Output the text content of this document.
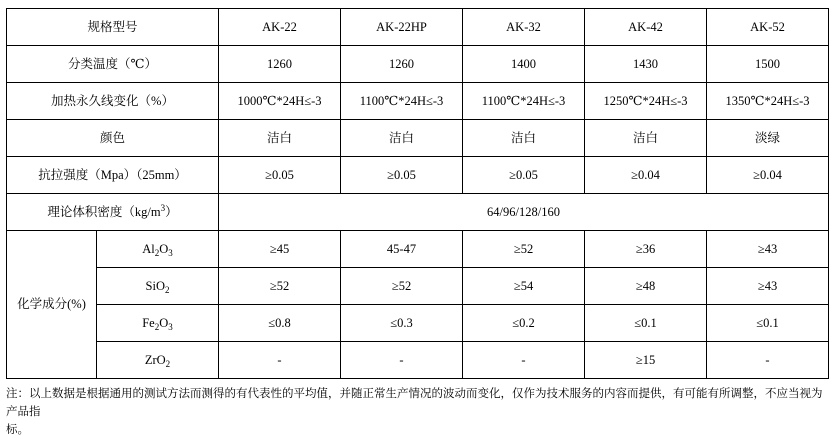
规格型号		AK-22	AK-22HP	AK-32	AK-42	AK-52
分类温度（℃）		1260	1260	1400	1430	1500
加热永久线变化（%）		1000℃*24H≤-3	1100℃*24H≤-3	1100℃*24H≤-3	1250℃*24H≤-3	1350℃*24H≤-3
颜色		洁白	洁白	洁白	洁白	淡绿
抗拉强度（Mpa）（25mm）		≥0.05	≥0.05	≥0.05	≥0.04	≥0.04
理论体积密度$(kg/m^3)$		64/96/128/160				
化学成分(%)	$Al_2O_3$	≥45	45-47	≥52	≥36	≥43
	SiO$_2$	≥52	≥52	≥54	≥48	≥43
	$Fe_2O_3$	≤0.8	≤0.3	≤0.2	≤0.1	≤0.1
	ZrO$_2$	-	-	-	≥15	-
注：以上数据是根据通用的测试方法而测得的有代表性的平均值，并随正常生产情况的波动而变化，仅作为技术服务的内容而提供，有可能有所调整，不应当视为产品指
标。
